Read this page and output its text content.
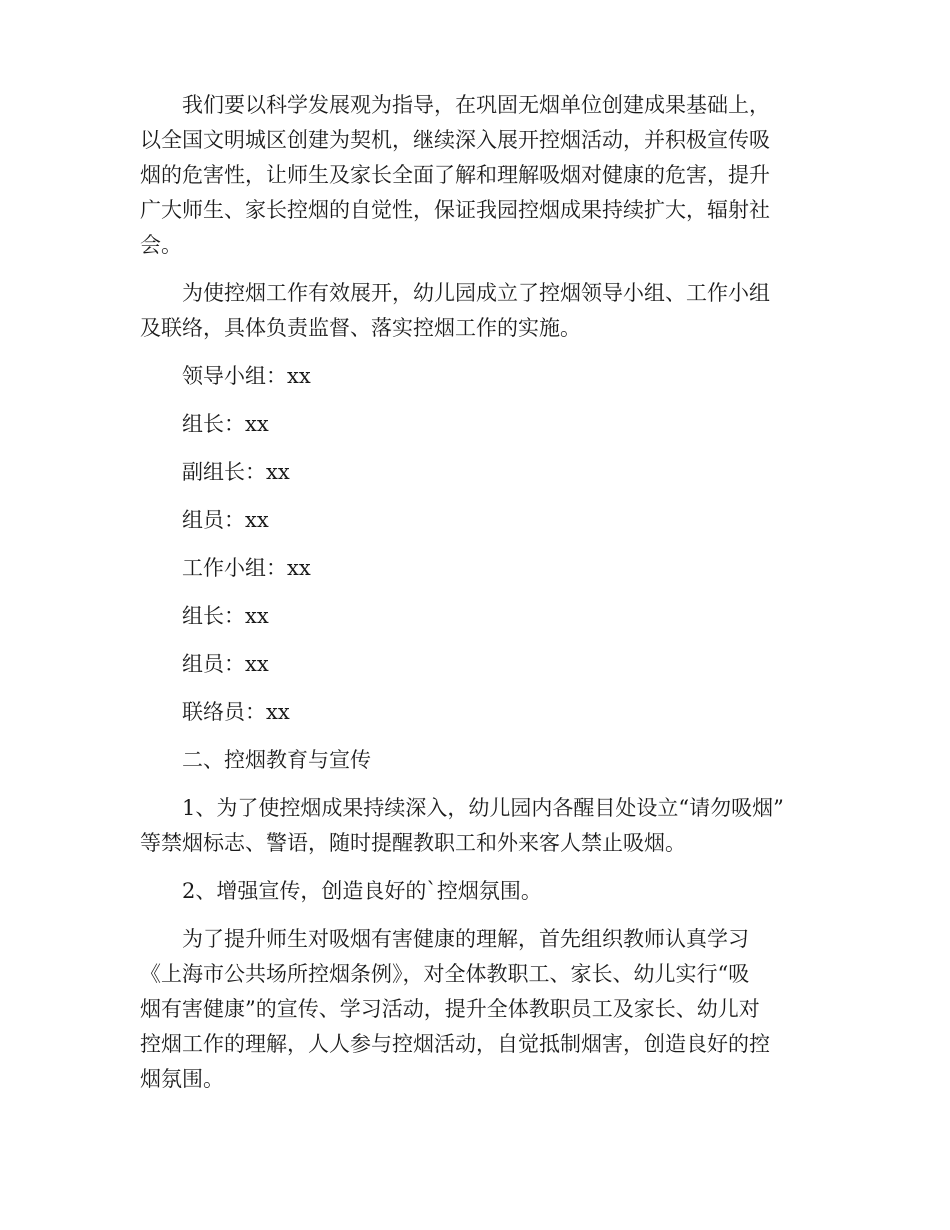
我们要以科学发展观为指导，在巩固无烟单位创建成果基础上，
以全国文明城区创建为契机，继续深入展开控烟活动，并积极宣传吸
烟的危害性，让师生及家长全面了解和理解吸烟对健康的危害，提升
广大师生、家长控烟的自觉性，保证我园控烟成果持续扩大，辐射社
会。

为使控烟工作有效展开，幼儿园成立了控烟领导小组、工作小组
及联络，具体负责监督、落实控烟工作的实施。

领导小组：xx

组长：xx

副组长：xx

组员：xx

工作小组：xx

组长：xx

组员：xx

联络员：xx

二、控烟教育与宣传

1、为了使控烟成果持续深入，幼儿园内各醒目处设立“请勿吸烟”
等禁烟标志、警语，随时提醒教职工和外来客人禁止吸烟。

2、增强宣传，创造良好的`控烟氛围。

为了提升师生对吸烟有害健康的理解，首先组织教师认真学习
《上海市公共场所控烟条例》，对全体教职工、家长、幼儿实行“吸
烟有害健康”的宣传、学习活动，提升全体教职员工及家长、幼儿对
控烟工作的理解，人人参与控烟活动，自觉抵制烟害，创造良好的控
烟氛围。
